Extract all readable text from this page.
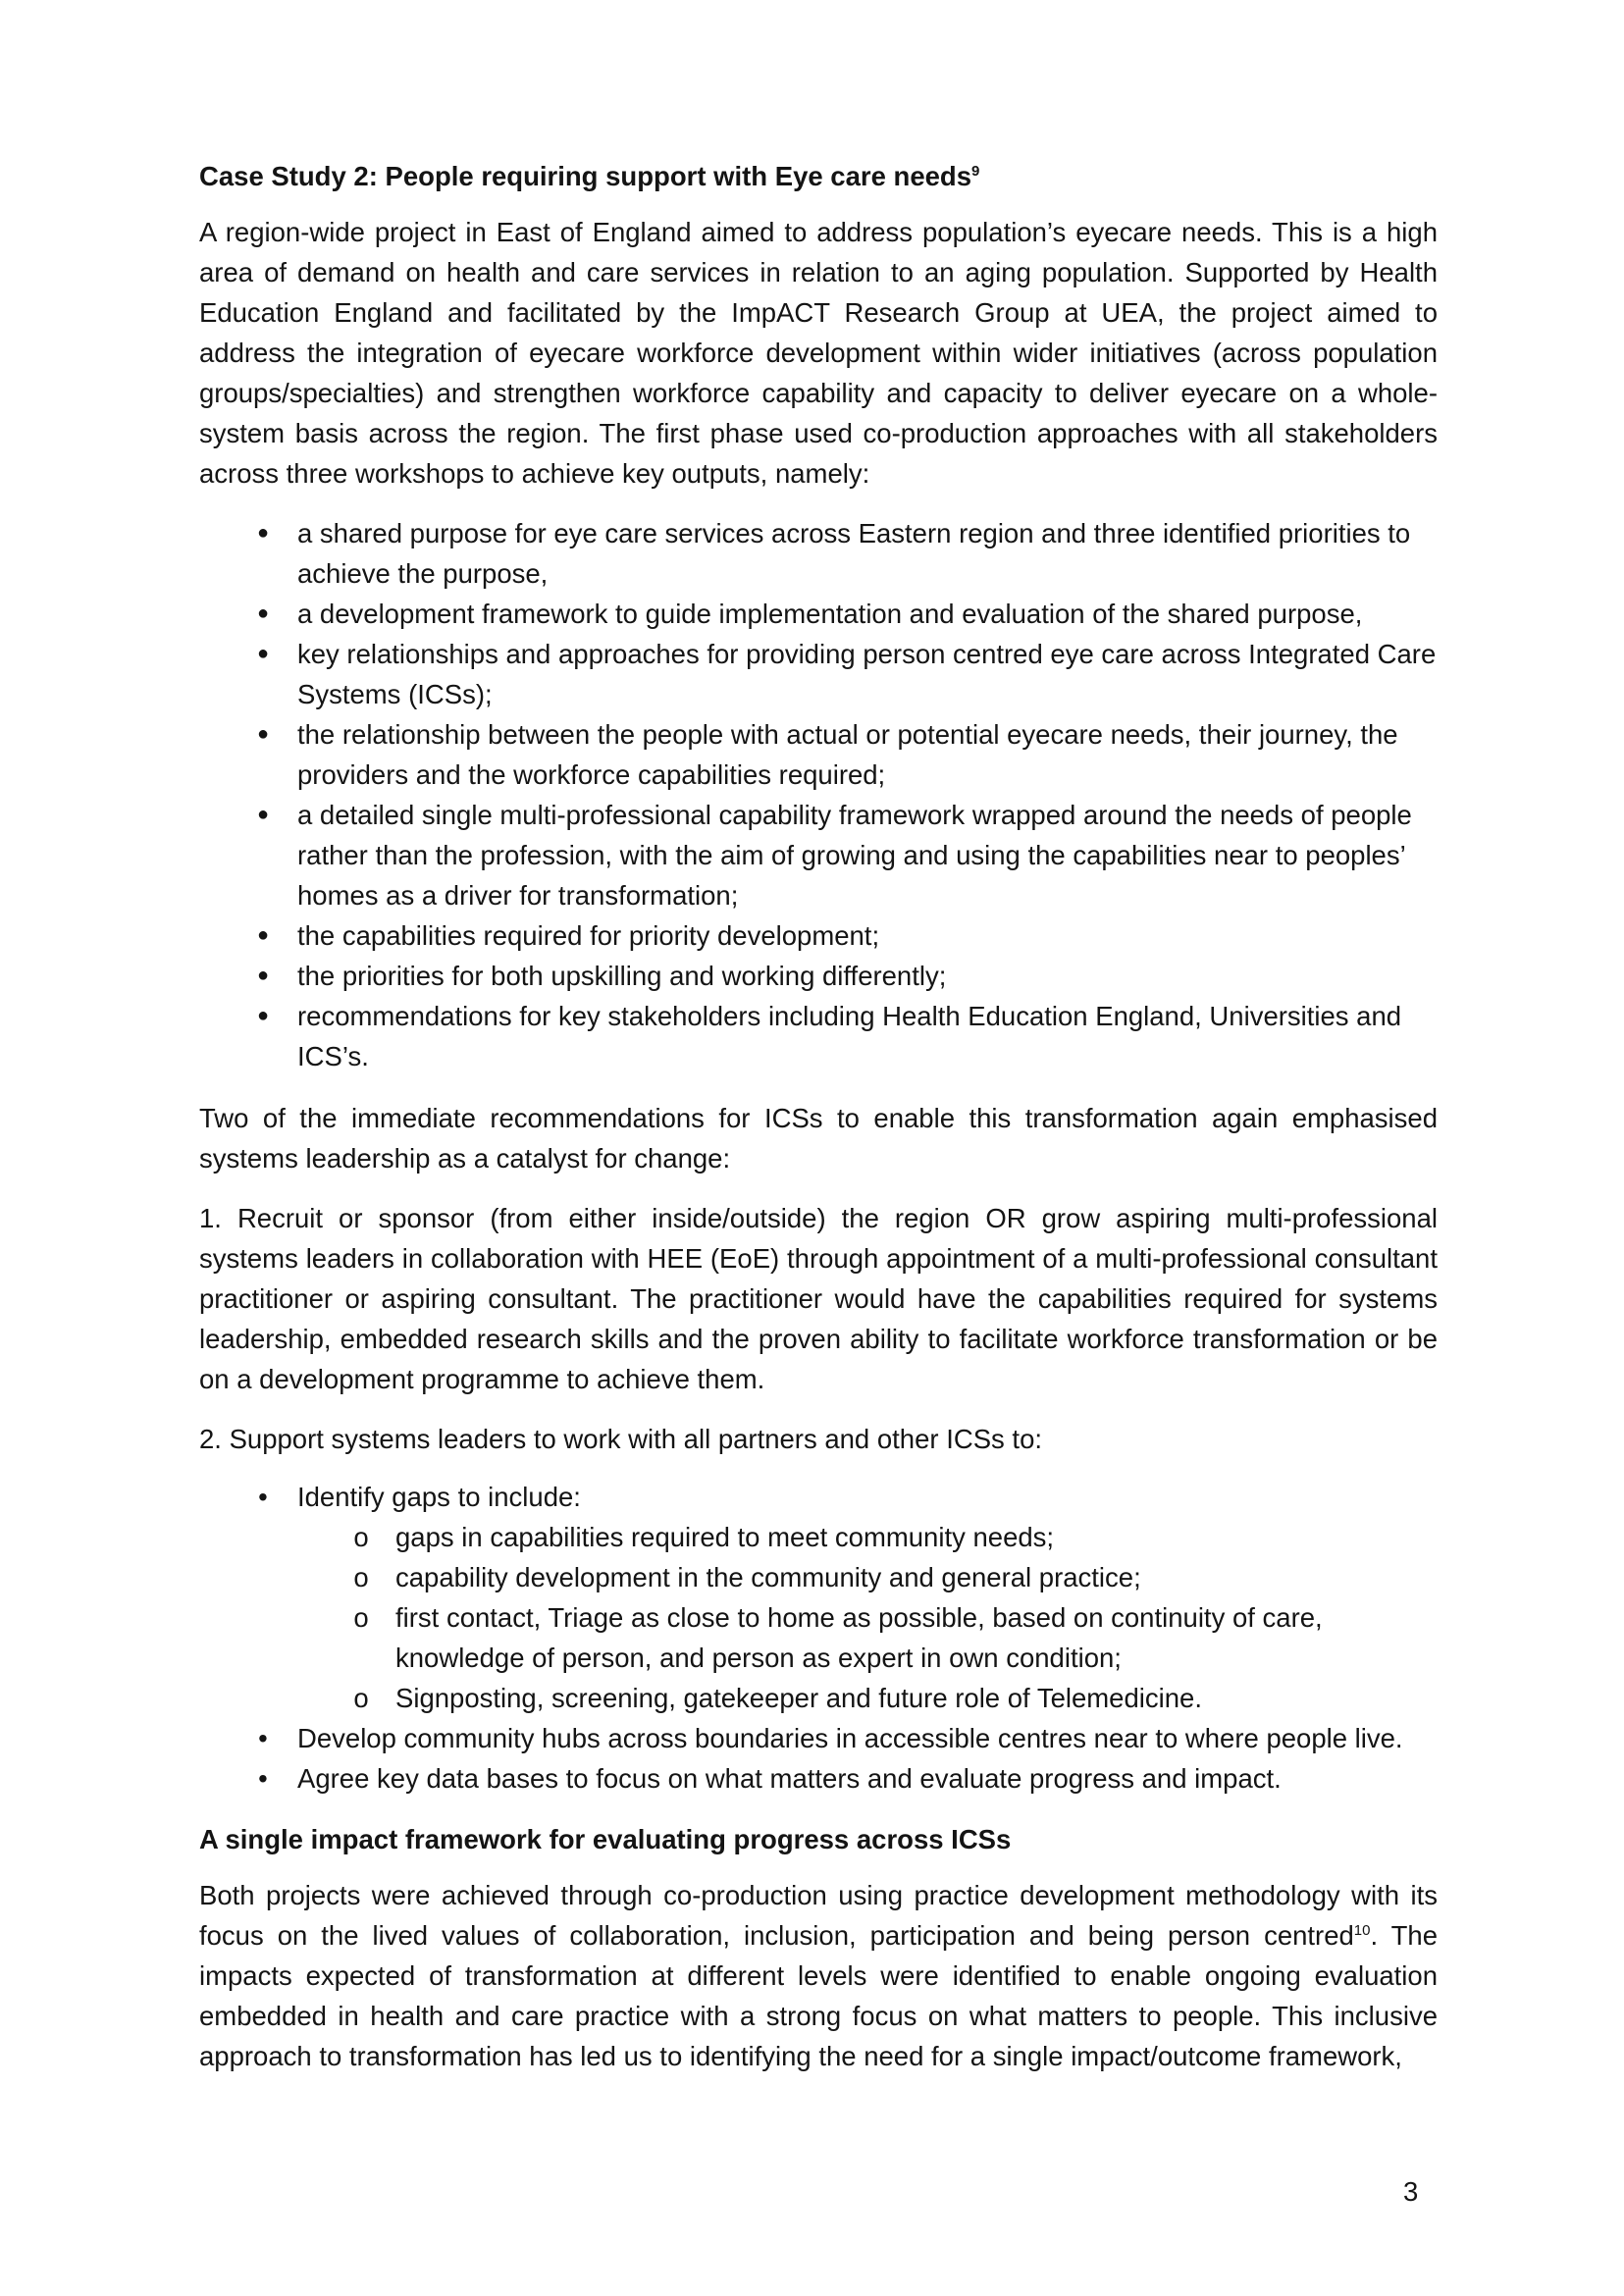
Case Study 2: People requiring support with Eye care needs$^9$

A region-wide project in East of England aimed to address population’s eyecare needs. This is a high area of demand on health and care services in relation to an aging population. Supported by Health Education England and facilitated by the ImpACT Research Group at UEA, the project aimed to address the integration of eyecare workforce development within wider initiatives (across population groups/specialties) and strengthen workforce capability and capacity to deliver eyecare on a whole-system basis across the region. The first phase used co-production approaches with all stakeholders across three workshops to achieve key outputs, namely:

●	a shared purpose for eye care services across Eastern region and three identified priorities to achieve the purpose,
●	a development framework to guide implementation and evaluation of the shared purpose,
●	key relationships and approaches for providing person centred eye care across Integrated Care Systems (ICSs);
●	the relationship between the people with actual or potential eyecare needs, their journey, the providers and the workforce capabilities required;
●	a detailed single multi-professional capability framework wrapped around the needs of people rather than the profession, with the aim of growing and using the capabilities near to peoples’ homes as a driver for transformation;
●	the capabilities required for priority development;
●	the priorities for both upskilling and working differently;
●	recommendations for key stakeholders including Health Education England, Universities and ICS’s.

Two of the immediate recommendations for ICSs to enable this transformation again emphasised systems leadership as a catalyst for change:

1. Recruit or sponsor (from either inside/outside) the region OR grow aspiring multi-professional systems leaders in collaboration with HEE (EoE) through appointment of a multi-professional consultant practitioner or aspiring consultant. The practitioner would have the capabilities required for systems leadership, embedded research skills and the proven ability to facilitate workforce transformation or be on a development programme to achieve them.

2. Support systems leaders to work with all partners and other ICSs to:

•	Identify gaps to include:
o gaps in capabilities required to meet community needs;
o capability development in the community and general practice;
o first contact, Triage as close to home as possible, based on continuity of care, knowledge of person, and person as expert in own condition;
o Signposting, screening, gatekeeper and future role of Telemedicine.
•	Develop community hubs across boundaries in accessible centres near to where people live.
•	Agree key data bases to focus on what matters and evaluate progress and impact.
A single impact framework for evaluating progress across ICSs

Both projects were achieved through co-production using practice development methodology with its focus on the lived values of collaboration, inclusion, participation and being person centred$^{10}$. The impacts expected of transformation at different levels were identified to enable ongoing evaluation embedded in health and care practice with a strong focus on what matters to people. This inclusive approach to transformation has led us to identifying the need for a single impact/outcome framework,

3
